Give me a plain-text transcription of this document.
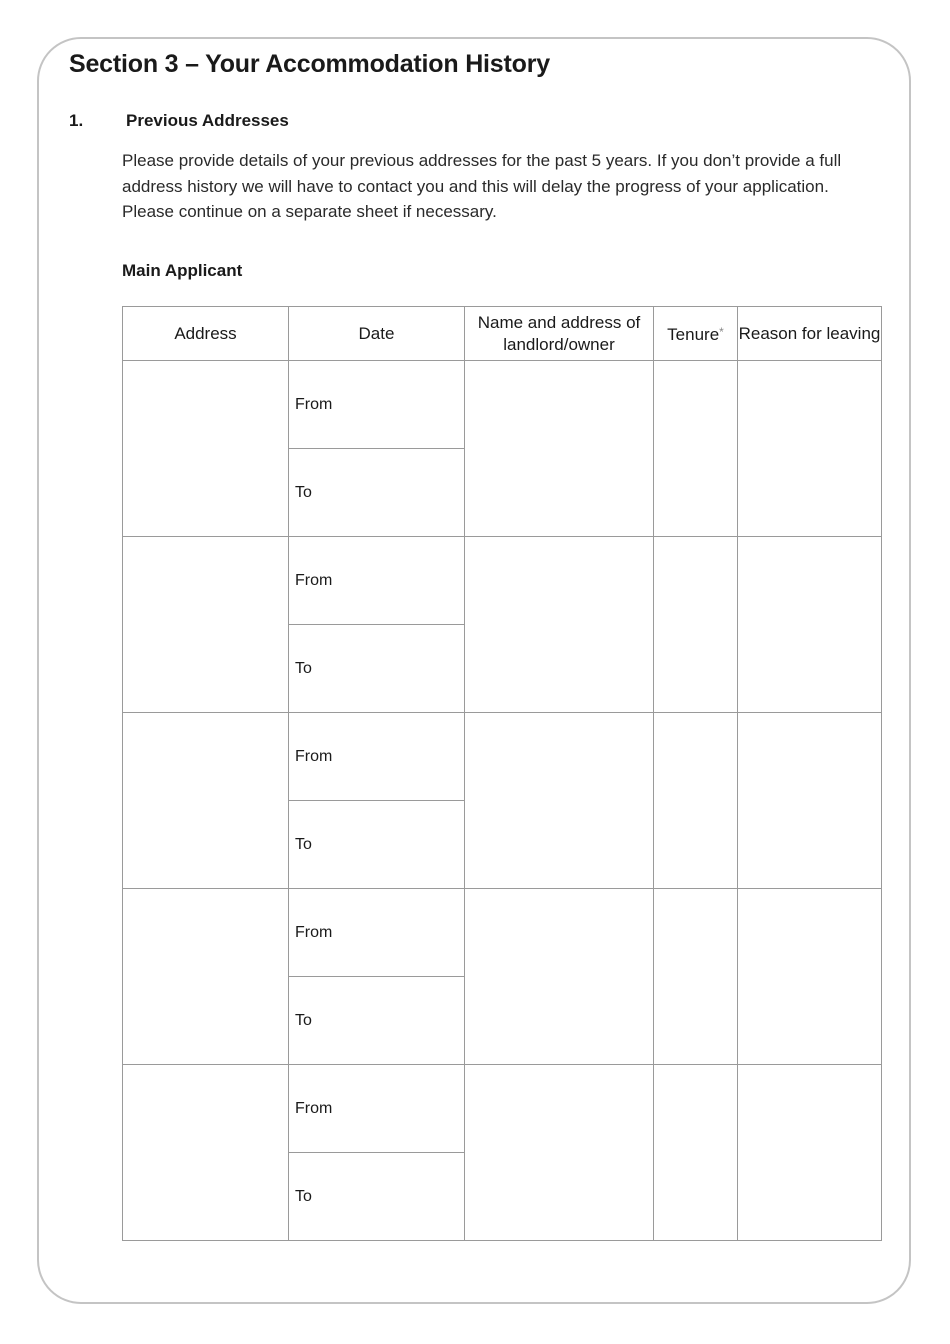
Section 3 – Your Accommodation History
1.	Previous Addresses

Please provide details of your previous addresses for the past 5 years. If you don’t provide a full address history we will have to contact you and this will delay the progress of your application. Please continue on a separate sheet if necessary.

Main Applicant
Address	Date	Name and address of landlord/owner	Tenure*	Reason for leaving
	From			
	To			
	From			
	To			
	From			
	To			
	From			
	To			
	From			
	To			
